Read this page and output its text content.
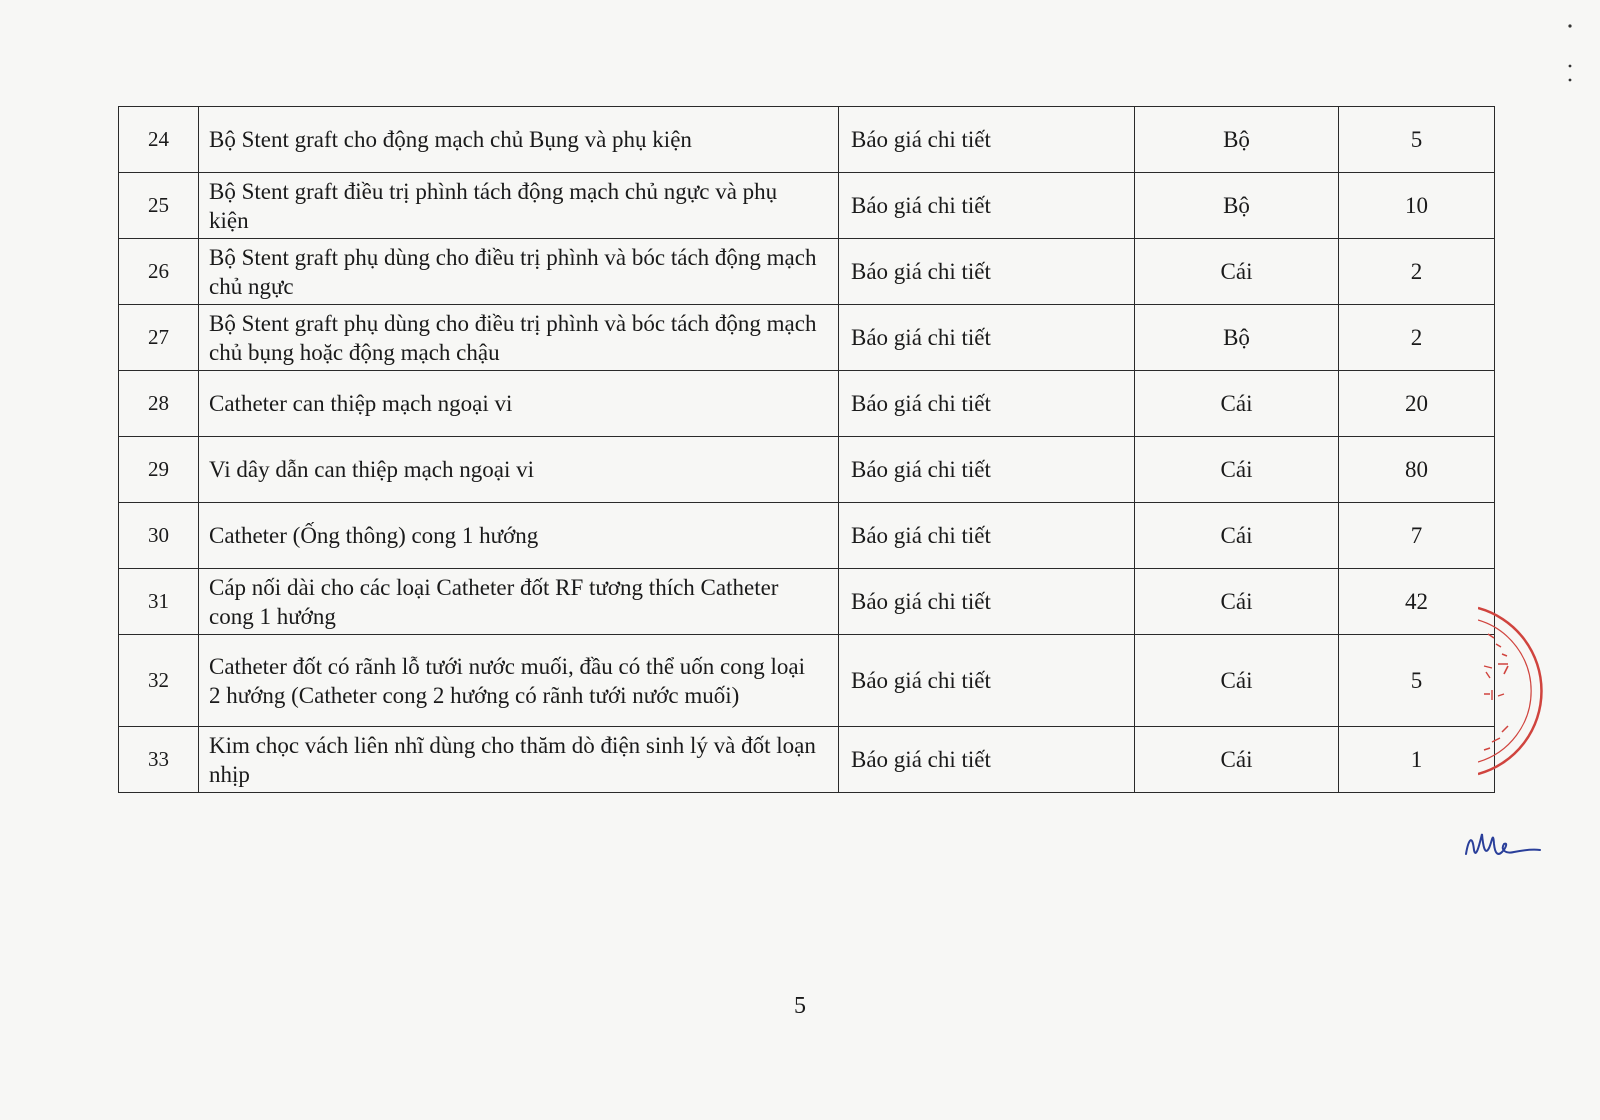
24	Bộ Stent graft cho động mạch chủ Bụng và phụ kiện	Báo giá chi tiết	Bộ	5
25	Bộ Stent graft điều trị phình tách động mạch chủ ngực và phụ kiện	Báo giá chi tiết	Bộ	10
26	Bộ Stent graft phụ dùng cho điều trị phình và bóc tách động mạch chủ ngực	Báo giá chi tiết	Cái	2
27	Bộ Stent graft phụ dùng cho điều trị phình và bóc tách động mạch chủ bụng hoặc động mạch chậu	Báo giá chi tiết	Bộ	2
28	Catheter can thiệp mạch ngoại vi	Báo giá chi tiết	Cái	20
29	Vi dây dẫn can thiệp mạch ngoại vi	Báo giá chi tiết	Cái	80
30	Catheter (Ống thông) cong 1 hướng	Báo giá chi tiết	Cái	7
31	Cáp nối dài cho các loại Catheter đốt RF tương thích Catheter cong 1 hướng	Báo giá chi tiết	Cái	42
32	Catheter đốt có rãnh lỗ tưới nước muối, đầu có thể uốn cong loại 2 hướng (Catheter cong 2 hướng có rãnh tưới nước muối)	Báo giá chi tiết	Cái	5
33	Kim chọc vách liên nhĩ dùng cho thăm dò điện sinh lý và đốt loạn nhịp	Báo giá chi tiết	Cái	1
5
